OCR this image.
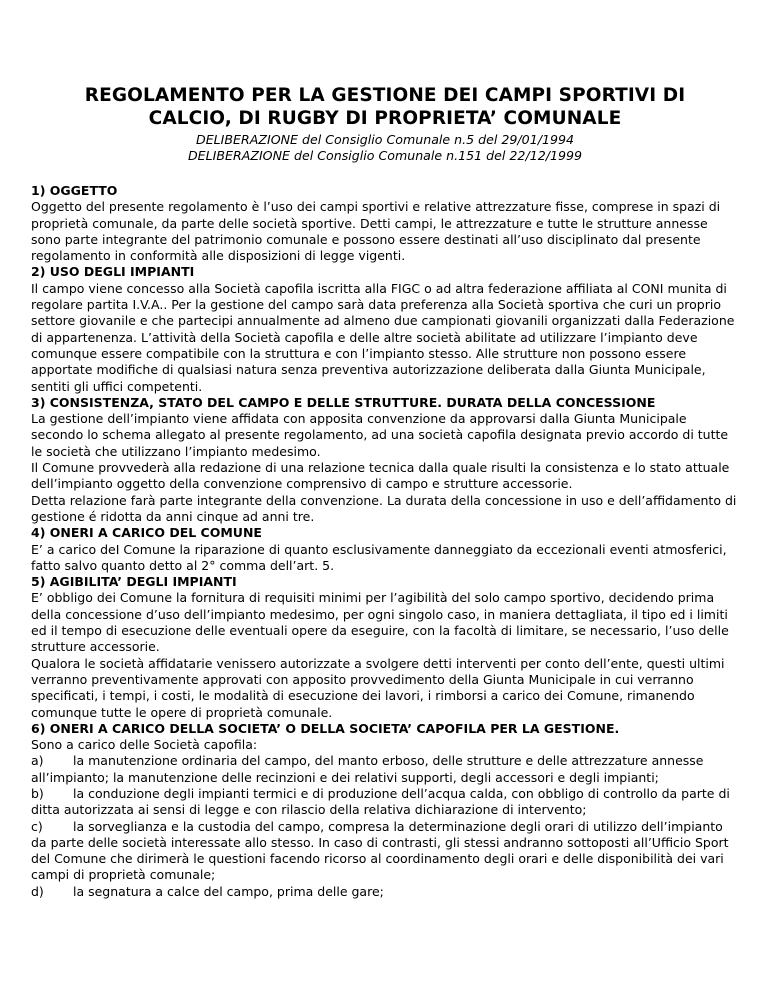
REGOLAMENTO PER LA GESTIONE DEI CAMPI SPORTIVI DI
CALCIO, DI RUGBY DI PROPRIETA’ COMUNALE
DELIBERAZIONE del Consiglio Comunale n.5 del 29/01/1994
DELIBERAZIONE del Consiglio Comunale n.151 del 22/12/1999
1) OGGETTO
Oggetto del presente regolamento è l’uso dei campi sportivi e relative attrezzature fisse, comprese in spazi di proprietà comunale, da parte delle società sportive. Detti campi, le attrezzature e tutte le strutture annesse sono parte integrante del patrimonio comunale e possono essere destinati all’uso disciplinato dal presente regolamento in conformità alle disposizioni di legge vigenti.
2) USO DEGLI IMPIANTI
Il campo viene concesso alla Società capofila iscritta alla FIGC o ad altra federazione affiliata al CONI munita di regolare partita I.V.A.. Per la gestione del campo sarà data preferenza alla Società sportiva che curi un proprio settore giovanile e che partecipi annualmente ad almeno due campionati giovanili organizzati dalla Federazione di appartenenza. L’attività della Società capofila e delle altre società abilitate ad utilizzare l’impianto deve comunque essere compatibile con la struttura e con l’impianto stesso. Alle strutture non possono essere apportate modifiche di qualsiasi natura senza preventiva autorizzazione deliberata dalla Giunta Municipale, sentiti gli uffici competenti.
3) CONSISTENZA, STATO DEL CAMPO E DELLE STRUTTURE. DURATA DELLA CONCESSIONE
La gestione dell’impianto viene affidata con apposita convenzione da approvarsi dalla Giunta Municipale secondo lo schema allegato al presente regolamento, ad una società capofila designata previo accordo di tutte le società che utilizzano l’impianto medesimo.
Il Comune provvederà alla redazione di una relazione tecnica dalla quale risulti la consistenza e lo stato attuale dell’impianto oggetto della convenzione comprensivo di campo e strutture accessorie.
Detta relazione farà parte integrante della convenzione. La durata della concessione in uso e dell’affidamento di gestione é ridotta da anni cinque ad anni tre.
4) ONERI A CARICO DEL COMUNE
E’ a carico deI Comune la riparazione di quanto esclusivamente danneggiato da eccezionali eventi atmosferici, fatto salvo quanto detto al 2° comma dell’art. 5.
5) AGIBILITA’ DEGLI IMPIANTI
E’ obbligo dei Comune la fornitura di requisiti minimi per l’agibilità del solo campo sportivo, decidendo prima della concessione d’uso dell’impianto medesimo, per ogni singolo caso, in maniera dettagliata, il tipo ed i limiti ed il tempo di esecuzione delle eventuali opere da eseguire, con la facoltà di limitare, se necessario, l’uso delle strutture accessorie.
Qualora le società affidatarie venissero autorizzate a svolgere detti interventi per conto dell’ente, questi ultimi verranno preventivamente approvati con apposito provvedimento della Giunta Municipale in cui verranno specificati, i tempi, i costi, le modalità di esecuzione dei lavori, i rimborsi a carico dei Comune, rimanendo comunque tutte le opere di proprietà comunale.
6) ONERI A CARICO DELLA SOCIETA’ O DELLA SOCIETA’ CAPOFILA PER LA GESTIONE.
Sono a carico delle Società capofila:
a) la manutenzione ordinaria del campo, del manto erboso, delle strutture e delle attrezzature annesse all’impianto; la manutenzione delle recinzioni e dei relativi supporti, degli accessori e degli impianti;
b) la conduzione degli impianti termici e di produzione dell’acqua calda, con obbligo di controllo da parte di ditta autorizzata ai sensi di legge e con rilascio della relativa dichiarazione di intervento;
c) la sorveglianza e la custodia del campo, compresa la determinazione degli orari di utilizzo dell’impianto da parte delle società interessate allo stesso. In caso di contrasti, gli stessi andranno sottoposti all’Ufficio Sport del Comune che dirimerà le questioni facendo ricorso al coordinamento degli orari e delle disponibilità dei vari campi di proprietà comunale;
d) la segnatura a calce del campo, prima delle gare;
